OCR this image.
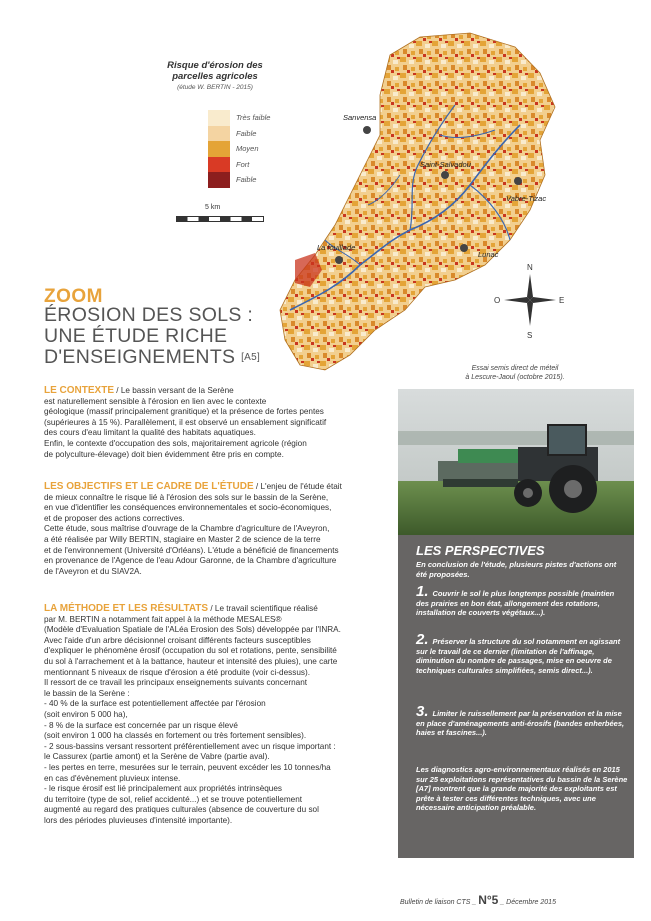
Sanvensa
Saint-Salvadou
Vabre-Tizac
La fouillade
Lunac
N
O	E
S
Risque d'érosion des parcelles agricoles
(étude W. BERTIN - 2015)
Très faible
Faible
Moyen
Fort
Faible
5 km
ZOOM
ÉROSION DES SOLS :
UNE ÉTUDE RICHE
D'ENSEIGNEMENTS [A5]
Essai semis direct de méteil
à Lescure-Jaoul (octobre 2015).

LE CONTEXTE / Le bassin versant de la Serène

est naturellement sensible à l'érosion en lien avec le contexte

géologique (massif principalement granitique) et la présence de fortes pentes

(supérieures à 15 %). Parallèlement, il est observé un ensablement significatif

des cours d'eau limitant la qualité des habitats aquatiques.

Enfin, le contexte d'occupation des sols, majoritairement agricole (région

de polyculture-élevage) doit bien évidemment être pris en compte.

LES OBJECTIFS ET LE CADRE DE L'ÉTUDE / L'enjeu de l'étude était

de mieux connaître le risque lié à l'érosion des sols sur le bassin de la Serène,

en vue d'identifier les conséquences environnementales et socio-économiques,

et de proposer des actions correctives.

Cette étude, sous maîtrise d'ouvrage de la Chambre d'agriculture de l'Aveyron,

a été réalisée par Willy BERTIN, stagiaire en Master 2 de science de la terre

et de l'environnement (Université d'Orléans). L'étude a bénéficié de financements

en provenance de l'Agence de l'eau Adour Garonne, de la Chambre d'agriculture

de l'Aveyron et du SIAV2A.

LA MÉTHODE ET LES RÉSULTATS / Le travail scientifique réalisé

par M. BERTIN a notamment fait appel à la méthode MESALES®

(Modèle d'Evaluation Spatiale de l'ALéa Erosion des Sols) développée par l'INRA.

Avec l'aide d'un arbre décisionnel croisant différents facteurs susceptibles

d'expliquer le phénomène érosif (occupation du sol et rotations, pente, sensibilité

du sol à l'arrachement et à la battance, hauteur et intensité des pluies), une carte

mentionnant 5 niveaux de risque d'érosion a été produite (voir ci-dessus).

Il ressort de ce travail les principaux enseignements suivants concernant

le bassin de la Serène :

- 40 % de la surface est potentiellement affectée par l'érosion

(soit environ 5 000 ha),

- 8 % de la surface est concernée par un risque élevé

(soit environ 1 000 ha classés en fortement ou très fortement sensibles).

- 2 sous-bassins versant ressortent préférentiellement avec un risque important :

le Cassurex (partie amont) et la Serène de Vabre (partie aval).

- les pertes en terre, mesurées sur le terrain, peuvent excéder les 10 tonnes/ha

en cas d'évènement pluvieux intense.

- le risque érosif est lié principalement aux propriétés intrinsèques

du territoire (type de sol, relief accidenté...) et se trouve potentiellement

augmenté au regard des pratiques culturales (absence de couverture du sol

lors des périodes pluvieuses d'intensité importante).

LES PERSPECTIVES
En conclusion de l'étude, plusieurs pistes d'actions ont été proposées.
1. Couvrir le sol le plus longtemps possible (maintien des prairies en bon état, allongement des rotations, installation de couverts végétaux...).
2. Préserver la structure du sol notamment en agissant sur le travail de ce dernier (limitation de l'affinage, diminution du nombre de passages, mise en oeuvre de techniques culturales simplifiées, semis direct...).
3. Limiter le ruissellement par la préservation et la mise en place d'aménagements anti-érosifs (bandes enherbées, haies et fascines...).
Les diagnostics agro-environnementaux réalisés en 2015 sur 25 exploitations représentatives du bassin de la Serène [A7] montrent que la grande majorité des exploitants est prête à tester ces différentes techniques, avec une nécessaire anticipation préalable.
Bulletin de liaison CTS _ N°5 _ Décembre 2015
